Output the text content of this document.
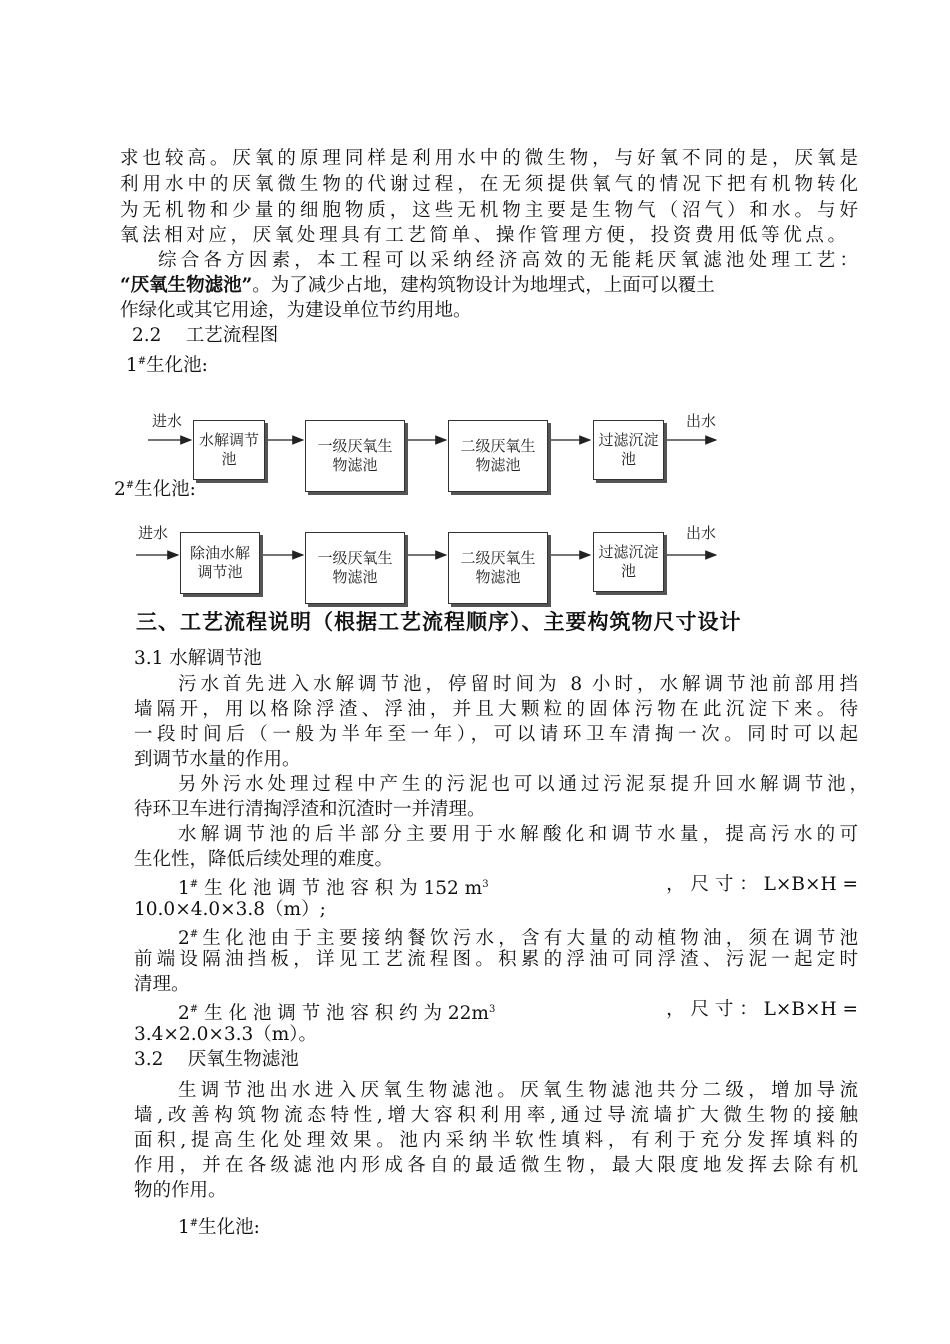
求也较高。厌氧的原理同样是利用水中的微生物，与好氧不同的是，厌氧是
利用水中的厌氧微生物的代谢过程，在无须提供氧气的情况下把有机物转化
为无机物和少量的细胞物质，这些无机物主要是生物气（沼气）和水。与好
氧法相对应，厌氧处理具有工艺简单、操作管理方便，投资费用低等优点。
综合各方因素，本工程可以采纳经济高效的无能耗厌氧滤池处理工艺：
“厌氧生物滤池”。为了减少占地，建构筑物设计为地埋式，上面可以覆土
作绿化或其它用途，为建设单位节约用地。
2.2　 工艺流程图
1#生化池:
进水	出水
水解调节
池
一级厌氧生
物滤池
二级厌氧生
物滤池
过滤沉淀
池
2#生化池:
进水	出水
除油水解
调节池
一级厌氧生
物滤池
二级厌氧生
物滤池
过滤沉淀
池
三、工艺流程说明（根据工艺流程顺序）、主要构筑物尺寸设计
3.1 水解调节池
污水首先进入水解调节池，停留时间为 8 小时，水解调节池前部用挡
墙隔开，用以格除浮渣、浮油，并且大颗粒的固体污物在此沉淀下来。待
一段时间后（一般为半年至一年），可以请环卫车清掏一次。同时可以起
到调节水量的作用。
另外污水处理过程中产生的污泥也可以通过污泥泵提升回水解调节池，
待环卫车进行清掏浮渣和沉渣时一并清理。
水解调节池的后半部分主要用于水解酸化和调节水量，提高污水的可
生化性，降低后续处理的难度。
1# 生 化 池 调 节 池 容 积 为 152 $m^3$	， 尺 寸 ： L×B×H =
10.0×4.0×3.8（m）;
2#生化池由于主要接纳餐饮污水，含有大量的动植物油，须在调节池
前端设隔油挡板，详见工艺流程图。积累的浮油可同浮渣、污泥一起定时
清理。
2# 生 化 池 调 节 池 容 积 约 为 $22m^3$	， 尺 寸 ： L×B×H =
3.4×2.0×3.3（m）。
3.2　 厌氧生物滤池
生调节池出水进入厌氧生物滤池。厌氧生物滤池共分二级，增加导流
墙,改善构筑物流态特性,增大容积利用率,通过导流墙扩大微生物的接触
面积,提高生化处理效果。池内采纳半软性填料，有利于充分发挥填料的
作用，并在各级滤池内形成各自的最适微生物，最大限度地发挥去除有机
物的作用。
1#生化池:
